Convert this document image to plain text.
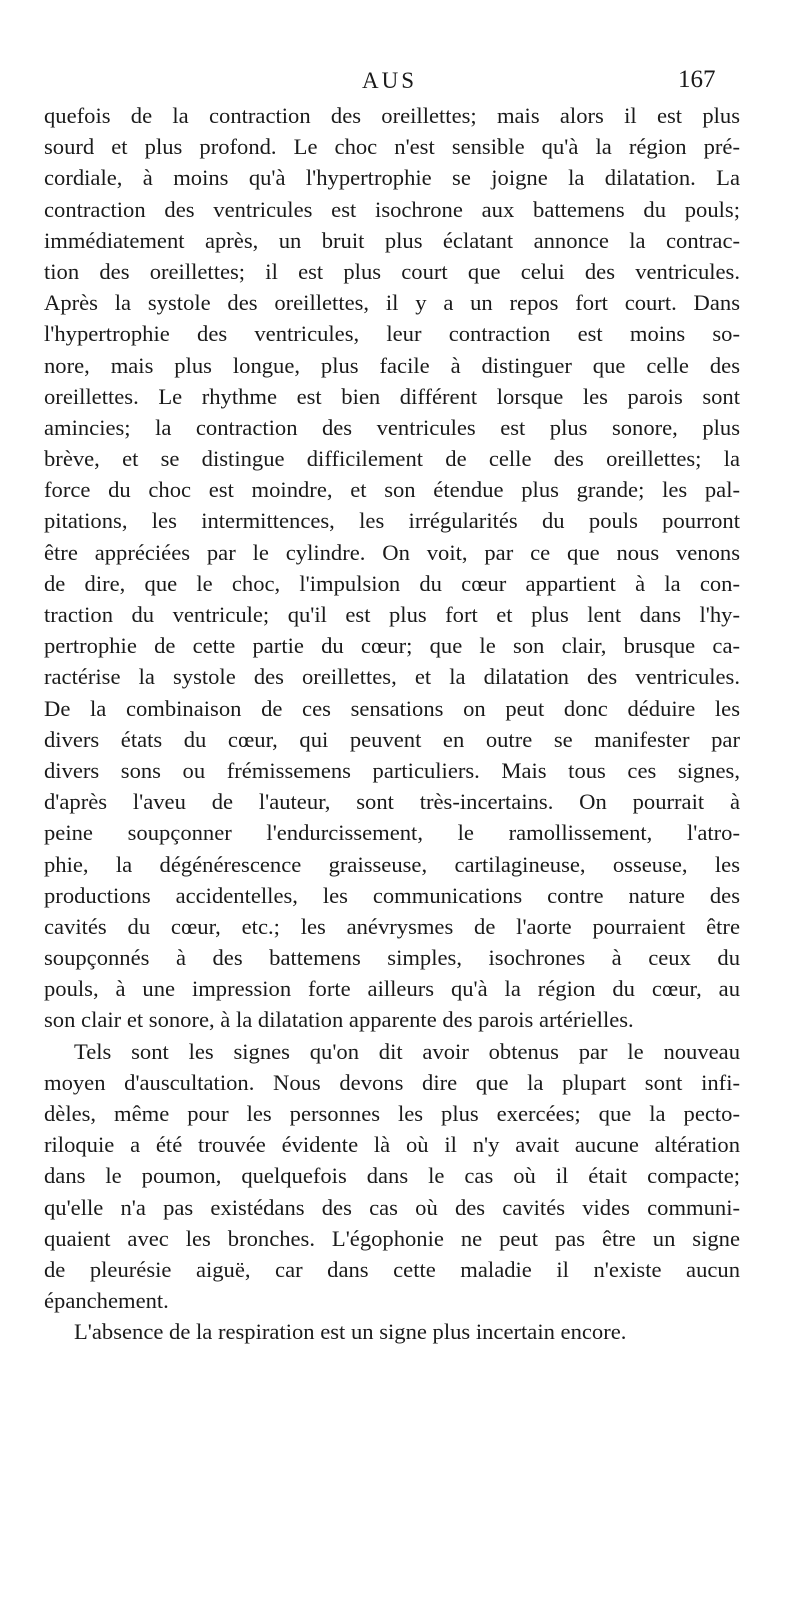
AUS	167
quefois de la contraction des oreillettes; mais alors il est plus
sourd et plus profond. Le choc n'est sensible qu'à la région pré-
cordiale, à moins qu'à l'hypertrophie se joigne la dilatation. La
contraction des ventricules est isochrone aux battemens du pouls;
immédiatement après, un bruit plus éclatant annonce la contrac-
tion des oreillettes; il est plus court que celui des ventricules.
Après la systole des oreillettes, il y a un repos fort court. Dans
l'hypertrophie des ventricules, leur contraction est moins so-
nore, mais plus longue, plus facile à distinguer que celle des
oreillettes. Le rhythme est bien différent lorsque les parois sont
amincies; la contraction des ventricules est plus sonore, plus
brève, et se distingue difficilement de celle des oreillettes; la
force du choc est moindre, et son étendue plus grande; les pal-
pitations, les intermittences, les irrégularités du pouls pourront
être appréciées par le cylindre. On voit, par ce que nous venons
de dire, que le choc, l'impulsion du cœur appartient à la con-
traction du ventricule; qu'il est plus fort et plus lent dans l'hy-
pertrophie de cette partie du cœur; que le son clair, brusque ca-
ractérise la systole des oreillettes, et la dilatation des ventricules.
De la combinaison de ces sensations on peut donc déduire les
divers états du cœur, qui peuvent en outre se manifester par
divers sons ou frémissemens particuliers. Mais tous ces signes,
d'après l'aveu de l'auteur, sont très-incertains. On pourrait à
peine soupçonner l'endurcissement, le ramollissement, l'atro-
phie, la dégénérescence graisseuse, cartilagineuse, osseuse, les
productions accidentelles, les communications contre nature des
cavités du cœur, etc.; les anévrysmes de l'aorte pourraient être
soupçonnés à des battemens simples, isochrones à ceux du
pouls, à une impression forte ailleurs qu'à la région du cœur, au
son clair et sonore, à la dilatation apparente des parois artérielles.
Tels sont les signes qu'on dit avoir obtenus par le nouveau
moyen d'auscultation. Nous devons dire que la plupart sont infi-
dèles, même pour les personnes les plus exercées; que la pecto-
riloquie a été trouvée évidente là où il n'y avait aucune altération
dans le poumon, quelquefois dans le cas où il était compacte;
qu'elle n'a pas existédans des cas où des cavités vides communi-
quaient avec les bronches. L'égophonie ne peut pas être un signe
de pleurésie aiguë, car dans cette maladie il n'existe aucun
épanchement.
L'absence de la respiration est un signe plus incertain encore.
